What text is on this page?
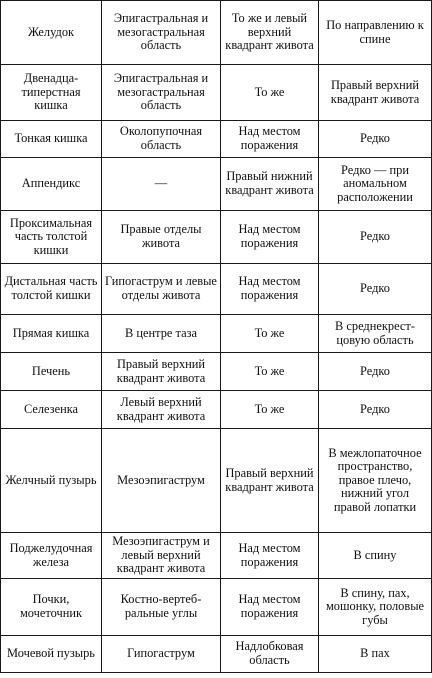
Желудок	Эпигастральная и мезогастральная область	То же и левый верхний квадрант живота	По направлению к спине
Двенадцатиперстная кишка	Эпигастральная и мезогастральная область	То же	Правый верхний квадрант живота
Тонкая кишка	Околопупочная область	Над местом поражения	Редко
Аппендикс	—	Правый нижний квадрант живота	Редко — при аномальном расположении
Проксимальная часть толстой кишки	Правые отделы живота	Над местом поражения	Редко
Дистальная часть толстой кишки	Гипогаструм и левые отделы живота	Над местом поражения	Редко
Прямая кишка	В центре таза	То же	В среднекрестцовую область
Печень	Правый верхний квадрант живота	То же	Редко
Селезенка	Левый верхний квадрант живота	То же	Редко
Желчный пузырь	Мезоэпигаструм	Правый верхний квадрант живота	В межлопаточное пространство, правое плечо, нижний угол правой лопатки
Поджелудочная железа	Мезоэпигаструм и левый верхний квадрант живота	Над местом поражения	В спину
Почки, мочеточник	Костно-вертебральные углы	Над местом поражения	В спину, пах, мошонку, половые губы
Мочевой пузырь	Гипогаструм	Надлобковая область	В пах
